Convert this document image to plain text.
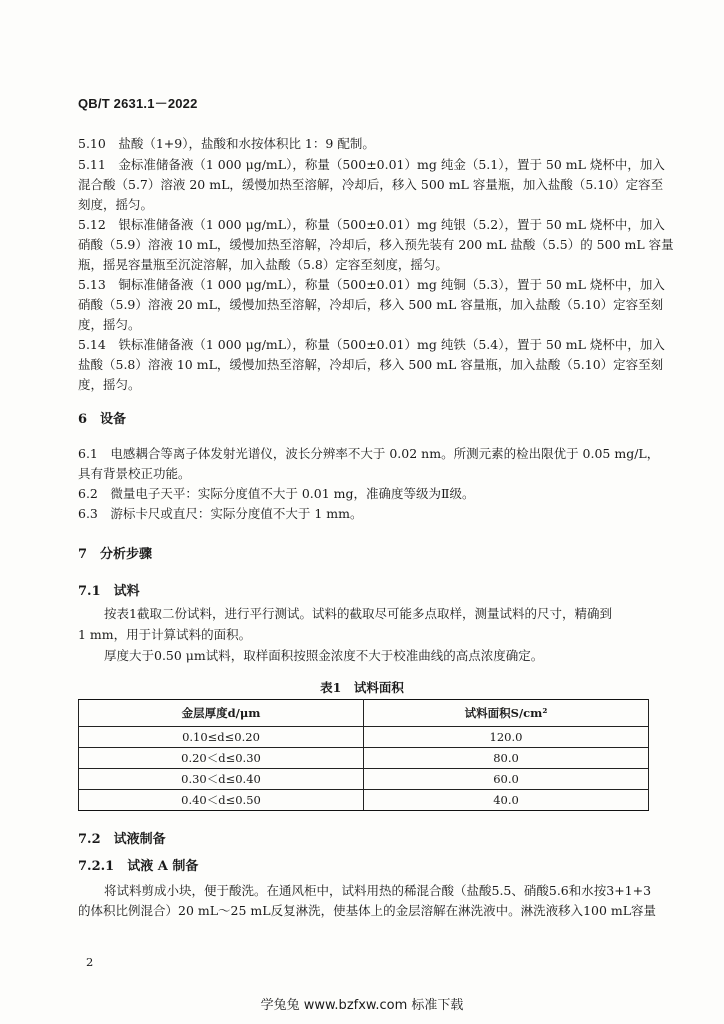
QB/T 2631.1－2022
5.10　盐酸（1+9），盐酸和水按体积比 1：9 配制。
5.11　金标准储备液（1 000 μg/mL），称量（500±0.01）mg 纯金（5.1），置于 50 mL 烧杯中，加入
混合酸（5.7）溶液 20 mL，缓慢加热至溶解，冷却后，移入 500 mL 容量瓶，加入盐酸（5.10）定容至
刻度，摇匀。
5.12　银标准储备液（1 000 μg/mL），称量（500±0.01）mg 纯银（5.2），置于 50 mL 烧杯中，加入
硝酸（5.9）溶液 10 mL，缓慢加热至溶解，冷却后，移入预先装有 200 mL 盐酸（5.5）的 500 mL 容量
瓶，摇晃容量瓶至沉淀溶解，加入盐酸（5.8）定容至刻度，摇匀。
5.13　铜标准储备液（1 000 μg/mL），称量（500±0.01）mg 纯铜（5.3），置于 50 mL 烧杯中，加入
硝酸（5.9）溶液 20 mL，缓慢加热至溶解，冷却后，移入 500 mL 容量瓶，加入盐酸（5.10）定容至刻
度，摇匀。
5.14　铁标准储备液（1 000 μg/mL），称量（500±0.01）mg 纯铁（5.4），置于 50 mL 烧杯中，加入
盐酸（5.8）溶液 10 mL，缓慢加热至溶解，冷却后，移入 500 mL 容量瓶，加入盐酸（5.10）定容至刻
度，摇匀。
6　设备
6.1　电感耦合等离子体发射光谱仪，波长分辨率不大于 0.02 nm。所测元素的检出限优于 0.05 mg/L，
具有背景校正功能。
6.2　微量电子天平：实际分度值不大于 0.01 mg，准确度等级为Ⅱ级。
6.3　游标卡尺或直尺：实际分度值不大于 1 mm。
7　分析步骤
7.1　试料
按表1截取二份试料，进行平行测试。试料的截取尽可能多点取样，测量试料的尺寸，精确到
1 mm，用于计算试料的面积。
厚度大于0.50 μm试料，取样面积按照金浓度不大于校准曲线的高点浓度确定。
表1　试料面积
金层厚度d/μm	试料面积S/cm²
0.10≤d≤0.20	120.0
0.20＜d≤0.30	80.0
0.30＜d≤0.40	60.0
0.40＜d≤0.50	40.0
7.2　试液制备
7.2.1　试液 A 制备
将试料剪成小块，便于酸洗。在通风柜中，试料用热的稀混合酸（盐酸5.5、硝酸5.6和水按3+1+3
的体积比例混合）20 mL～25 mL反复淋洗，使基体上的金层溶解在淋洗液中。淋洗液移入100 mL容量
2
学兔兔 www.bzfxw.com 标准下载
